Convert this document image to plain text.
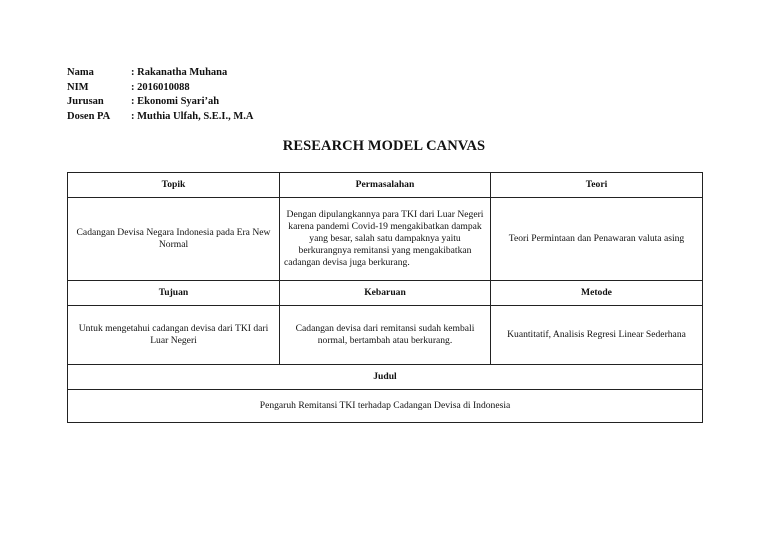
Nama	: Rakanatha Muhana
NIM	: 2016010088
Jurusan	: Ekonomi Syari’ah
Dosen PA	: Muthia Ulfah, S.E.I., M.A
RESEARCH MODEL CANVAS
Topik	Permasalahan	Teori
Cadangan Devisa Negara Indonesia pada Era New Normal	Dengan dipulangkannya para TKI dari Luar Negeri karena pandemi Covid-19 mengakibatkan dampak yang besar, salah satu dampaknya yaitu berkurangnya remitansi yang mengakibatkan cadangan devisa juga berkurang.	Teori Permintaan dan Penawaran valuta asing
Tujuan	Kebaruan	Metode
Untuk mengetahui cadangan devisa dari TKI dari Luar Negeri	Cadangan devisa dari remitansi sudah kembali normal, bertambah atau berkurang.	Kuantitatif, Analisis Regresi Linear Sederhana
Judul		
Pengaruh Remitansi TKI terhadap Cadangan Devisa di Indonesia		
